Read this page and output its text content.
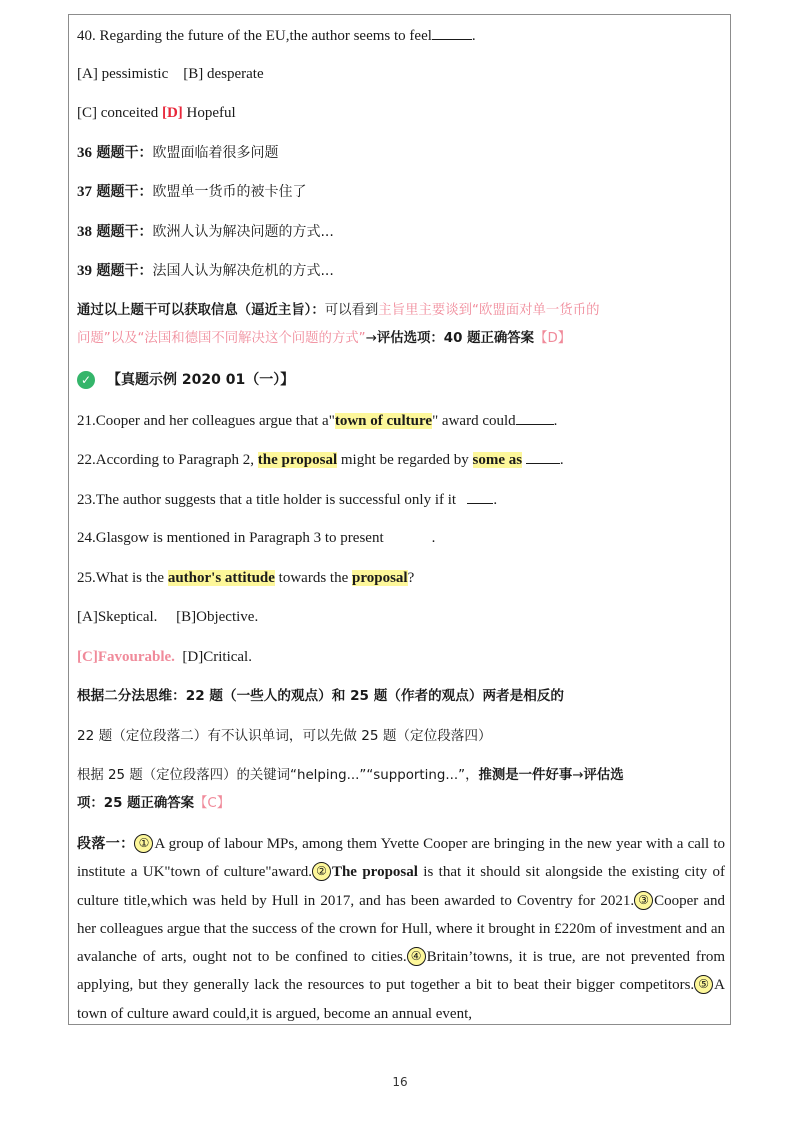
40. Regarding the future of the EU,the author seems to feel	.
[A] pessimistic [B] desperate
[C] conceited [D] Hopeful
36 题题干：欧盟面临着很多问题
37 题题干：欧盟单一货币的被卡住了
38 题题干：欧洲人认为解决问题的方式...
39 题题干：法国人认为解决危机的方式...
通过以上题干可以获取信息（逼近主旨）：可以看到主旨里主要谈到“欧盟面对单一货币的
问题”以及“法国和德国不同解决这个问题的方式”→评估选项：40 题正确答案【D】
✓ 【真题示例 2020 01（一）】
21.Cooper and her colleagues argue that a"town of culture" award could	.
22.According to Paragraph 2, the proposal might be regarded by some as	.
23.The author suggests that a title holder is successful only if it .
24.Glasgow is mentioned in Paragraph 3 to present	.
25.What is the author's attitude towards the proposal?
[A]Skeptical. [B]Objective.
[C]Favourable. [D]Critical.
根据二分法思维：22 题（一些人的观点）和 25 题（作者的观点）两者是相反的
22 题（定位段落二）有不认识单词，可以先做 25 题（定位段落四）
根据 25 题（定位段落四）的关键词“helping...”“supporting...”，推测是一件好事→评估选
项：25 题正确答案【C】
段落一： ① A group of labour MPs, among them Yvette Cooper are bringing in the new year with a call to institute a UK"town of culture"award. ② The proposal is that it should sit alongside the existing city of culture title,which was held by Hull in 2017, and has been awarded to Coventry for 2021. ③ Cooper and her colleagues argue that the success of the crown for Hull, where it brought in £220m of investment and an avalanche of arts, ought not to be confined to cities. ④ Britain’towns, it is true, are not prevented from applying, but they generally lack the resources to put together a bit to beat their bigger competitors. ⑤ A town of culture award could,it is argued, become an annual event,
16
